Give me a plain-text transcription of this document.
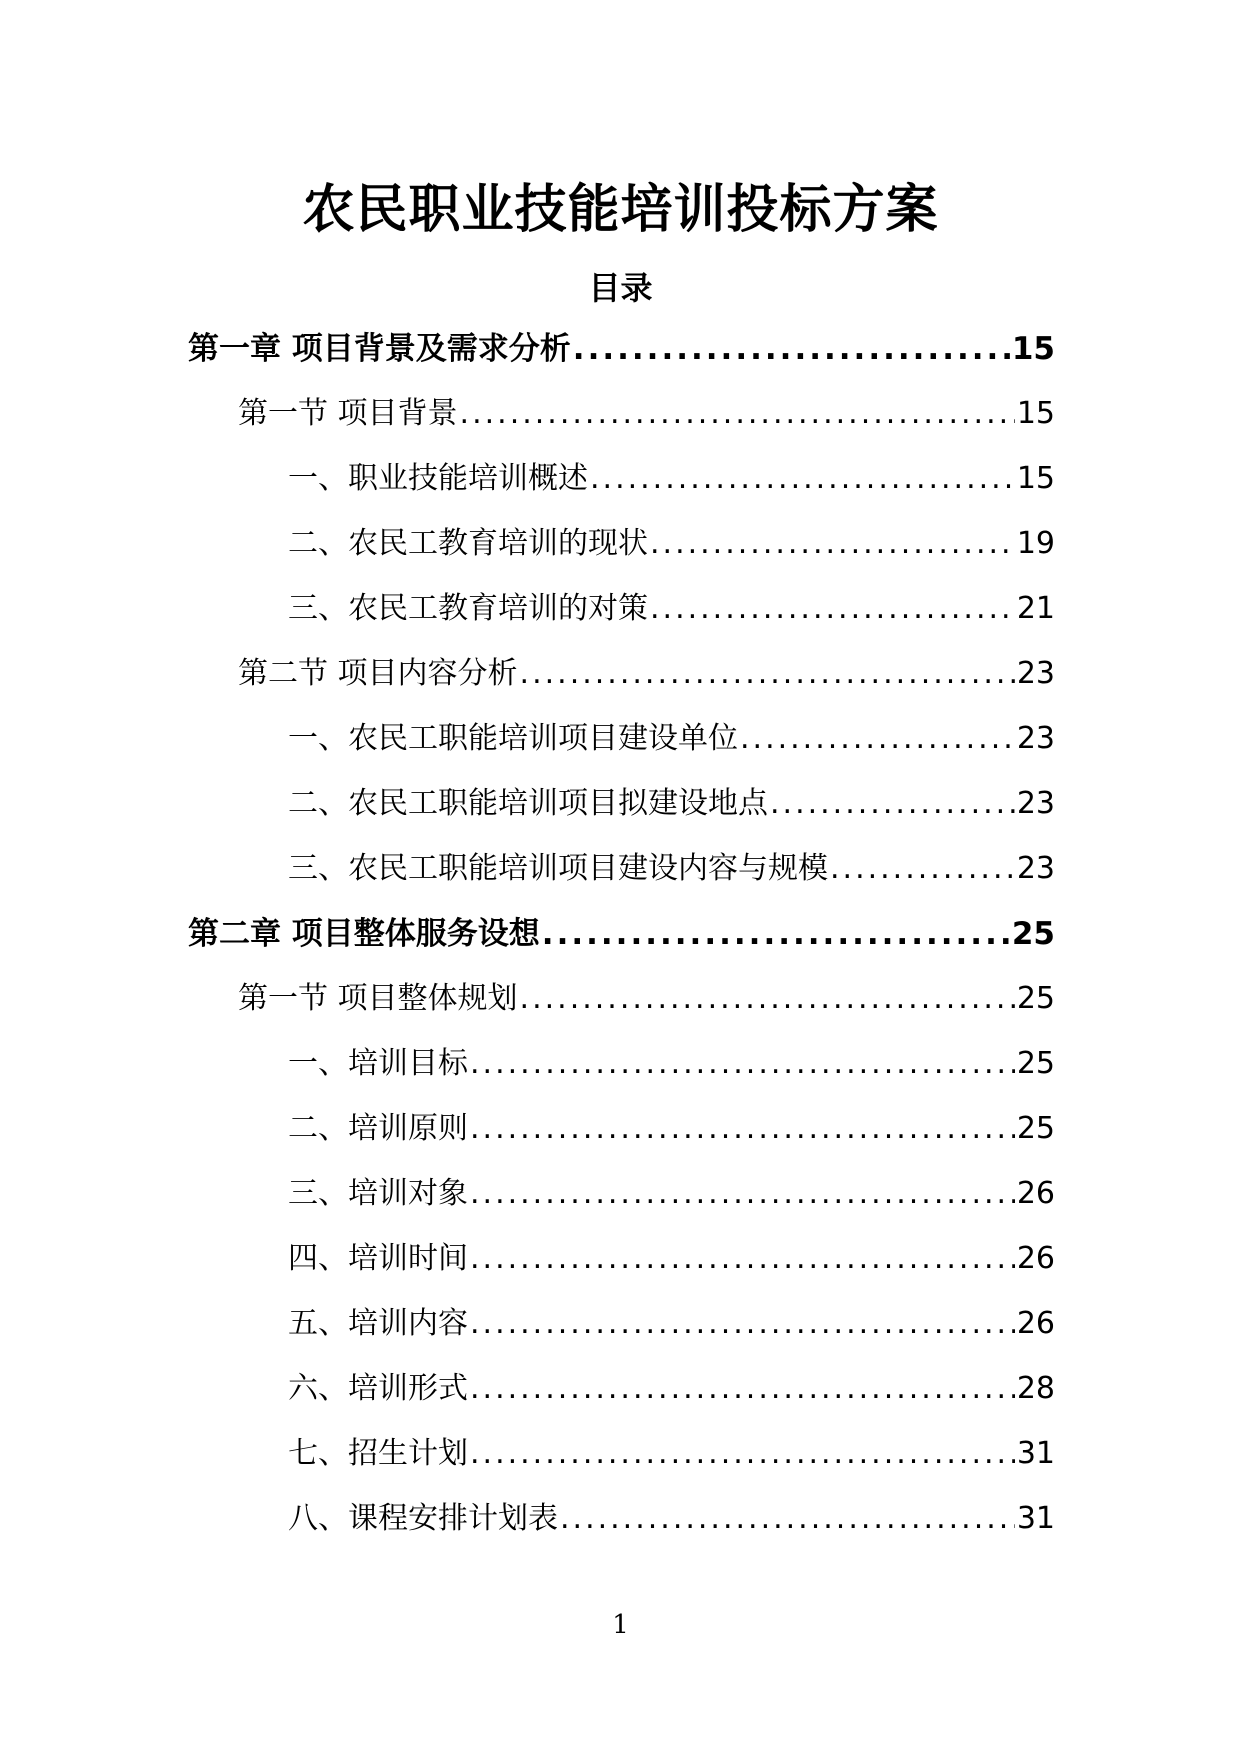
农民职业技能培训投标方案
目录
第一章 项目背景及需求分析 .....	15
第一节 项目背景 .....	15
一、职业技能培训概述 .....	15
二、农民工教育培训的现状 .....	19
三、农民工教育培训的对策 .....	21
第二节 项目内容分析 .....	23
一、农民工职能培训项目建设单位 .....	23
二、农民工职能培训项目拟建设地点 .....	23
三、农民工职能培训项目建设内容与规模 .....	23
第二章 项目整体服务设想 .....	25
第一节 项目整体规划 .....	25
一、培训目标 .....	25
二、培训原则 .....	25
三、培训对象 .....	26
四、培训时间 .....	26
五、培训内容 .....	26
六、培训形式 .....	28
七、招生计划 .....	31
八、课程安排计划表 .....	31
1
